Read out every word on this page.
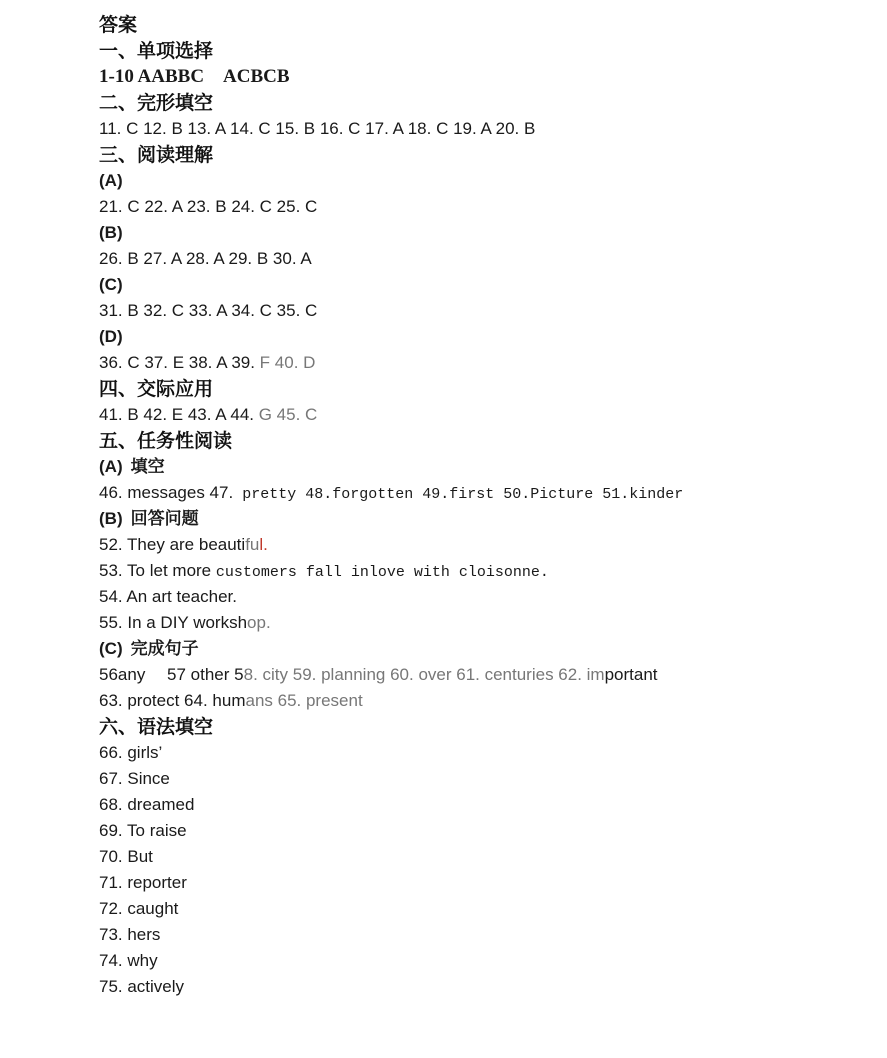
答案
一、单项选择
1-10 AABBC　ACBCB
二、完形填空
11. C 12. B 13. A 14. C 15. B 16. C 17. A 18. C 19. A 20. B
三、阅读理解
(A)
21. C 22. A 23. B 24. C 25. C
(B)
26. B 27. A 28. A 29. B 30. A
(C)
31. B 32. C 33. A 34. C 35. C
(D)
36. C 37. E 38. A 39. F 40. D
四、交际应用
41. B 42. E 43. A 44. G 45. C
五、任务性阅读
(A) 填空
46. messages 47. pretty 48.forgotten 49.first 50.Picture 51.kinder
(B) 回答问题
52. They are beautiful.
53. To let more customers fall inlove with cloisonne.
54. An art teacher.
55. In a DIY workshop.
(C) 完成句子
56any　 57 other 58. city 59. planning 60. over 61. centuries 62. important
63. protect 64. humans 65. present
六、语法填空
66. girls’
67. Since
68. dreamed
69. To raise
70. But
71. reporter
72. caught
73. hers
74. why
75. actively
